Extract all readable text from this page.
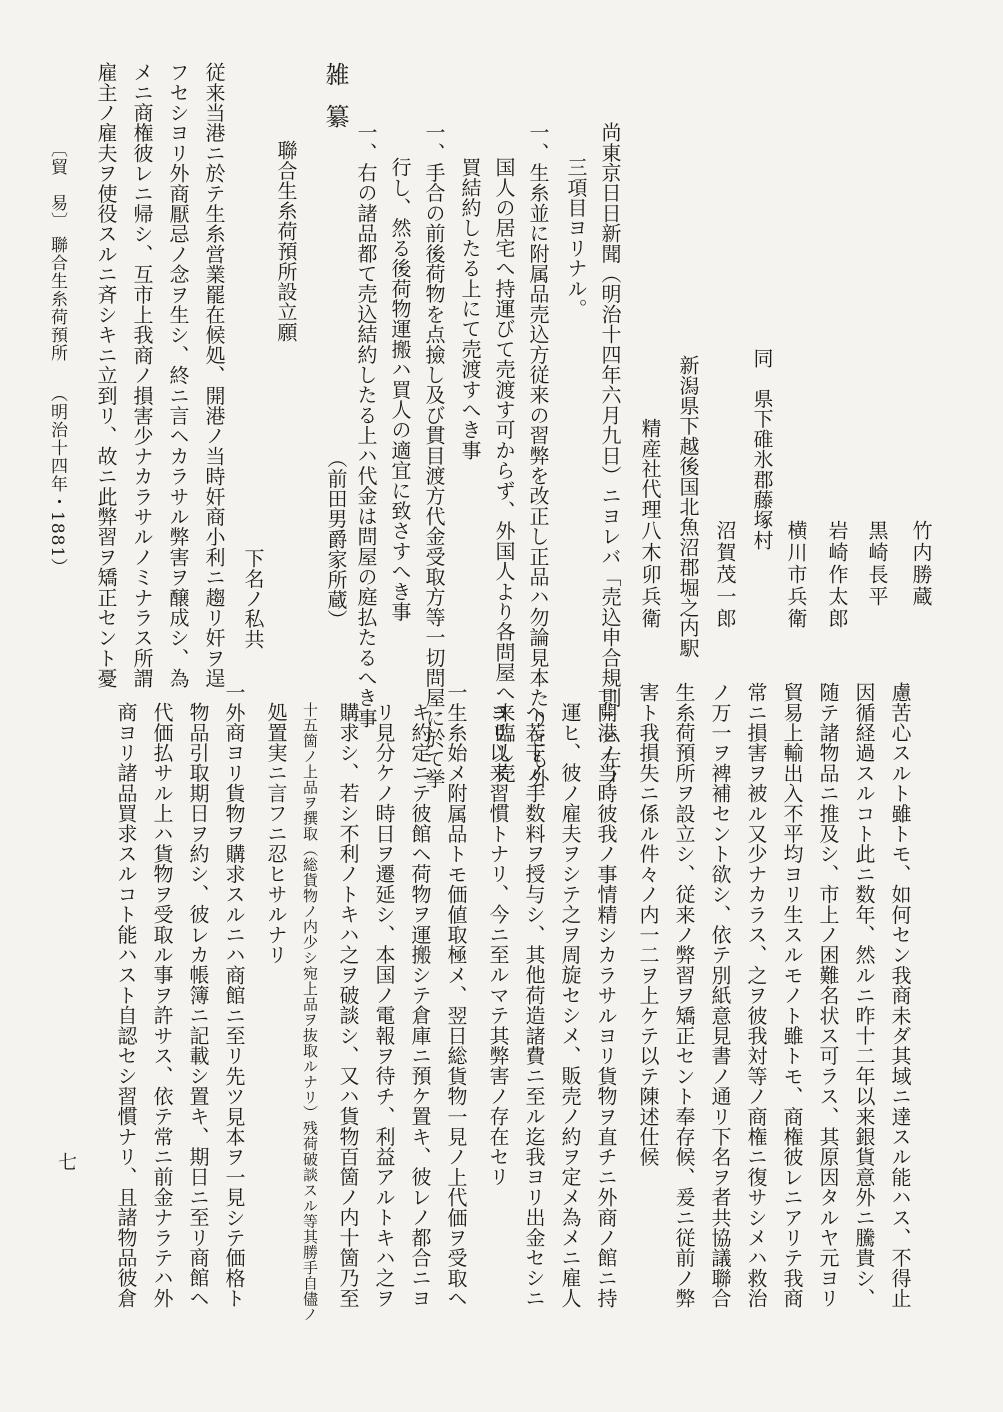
竹内勝蔵
黒崎長平
岩崎作太郎
横川市兵衛
同　県下碓氷郡藤塚村
沼賀茂一郎
新潟県下越後国北魚沼郡堀之内駅
精産社代理
八木卯兵衛
尚東京日日新聞（明治十四年六月九日）ニヨレバ「売込申合規則」ハ左ノ
三項目ヨリナル。
一、生糸並に附属品売込方従来の習弊を改正し正品ハ勿論見本たりとも外
国人の居宅へ持運びて売渡す可からず、外国人より各問屋へ来臨し売
買結約したる上にて売渡すへき事
一、手合の前後荷物を点撿し及び貫目渡方代金受取方等一切問屋に於て挙
行し、然る後荷物運搬ハ買人の適宜に致さすへき事
一、右の諸品都て売込結約したる上ハ代金は問屋の庭払たるへき事
雑纂
聯合生糸荷預所設立願
（前田男爵家所蔵）
下名ノ私共
従来当港ニ於テ生糸営業罷在候処、開港ノ当時奸商小利ニ趨リ奸ヲ逞
フセシヨリ外商厭忌ノ念ヲ生シ、終ニ言ヘカラサル弊害ヲ醸成シ、為
メニ商権彼レニ帰シ、互市上我商ノ損害少ナカラサルノミナラス所謂
雇主ノ雇夫ヲ使役スルニ斉シキニ立到リ、故ニ此弊習ヲ矯正セント憂
〔貿　易〕
聯合生糸荷預所
（明治十四年・1881）
慮苦心スルト雖トモ、如何セン我商未ダ其域ニ達スル能ハス、不得止
因循経過スルコト此ニ数年、然ルニ昨十二年以来銀貨意外ニ騰貴シ、
随テ諸物品ニ推及シ、市上ノ困難名状ス可ラス、其原因タルヤ元ヨリ
貿易上輸出入不平均ヨリ生スルモノト雖トモ、商権彼レニアリテ我商
常ニ損害ヲ被ル又少ナカラス、之ヲ彼我対等ノ商権ニ復サシメハ救治
ノ万一ヲ裨補セント欲シ、依テ別紙意見書ノ通リ下名ヲ者共協議聯合
生糸荷預所ヲ設立シ、従来ノ弊習ヲ矯正セント奉存候、爰ニ従前ノ弊
害ト我損失ニ係ル件々ノ内一二ヲ上ケテ以テ陳述仕候
一開港ノ当時彼我ノ事情精シカラサルヨリ貨物ヲ直チニ外商ノ館ニ持
運ヒ、彼ノ雇夫ヲシテ之ヲ周旋セシメ、販売ノ約ヲ定メ為メニ雇人
ヘ若干ノ手数料ヲ授与シ、其他荷造諸費ニ至ル迄我ヨリ出金セシニ
ヨリ以来習慣トナリ、今ニ至ルマテ其弊害ノ存在セリ
一生糸始メ附属品トモ価値取極メ、翌日総貨物一見ノ上代価ヲ受取ヘ
キ約定ニテ彼館ヘ荷物ヲ運搬シテ倉庫ニ預ケ置キ、彼レノ都合ニヨ
リ見分ケノ時日ヲ遷延シ、本国ノ電報ヲ待チ、利益アルトキハ之ヲ
購求シ、若シ不利ノトキハ之ヲ破談シ、又ハ貨物百箇ノ内十箇乃至
十五箇ノ上品ヲ撰取（総貨物ノ内少シ宛上品ヲ抜取ルナリ）残荷破談スル等其勝手自儘ノ
処置実ニ言フニ忍ヒサルナリ
一外商ヨリ貨物ヲ購求スルニハ商館ニ至リ先ツ見本ヲ一見シテ価格ト
物品引取期日ヲ約シ、彼レカ帳簿ニ記載シ置キ、期日ニ至リ商館ヘ
代価払サル上ハ貨物ヲ受取ル事ヲ許サス、依テ常ニ前金ナラテハ外
商ヨリ諸品買求スルコト能ハスト自認セシ習慣ナリ、且諸物品彼倉
七
